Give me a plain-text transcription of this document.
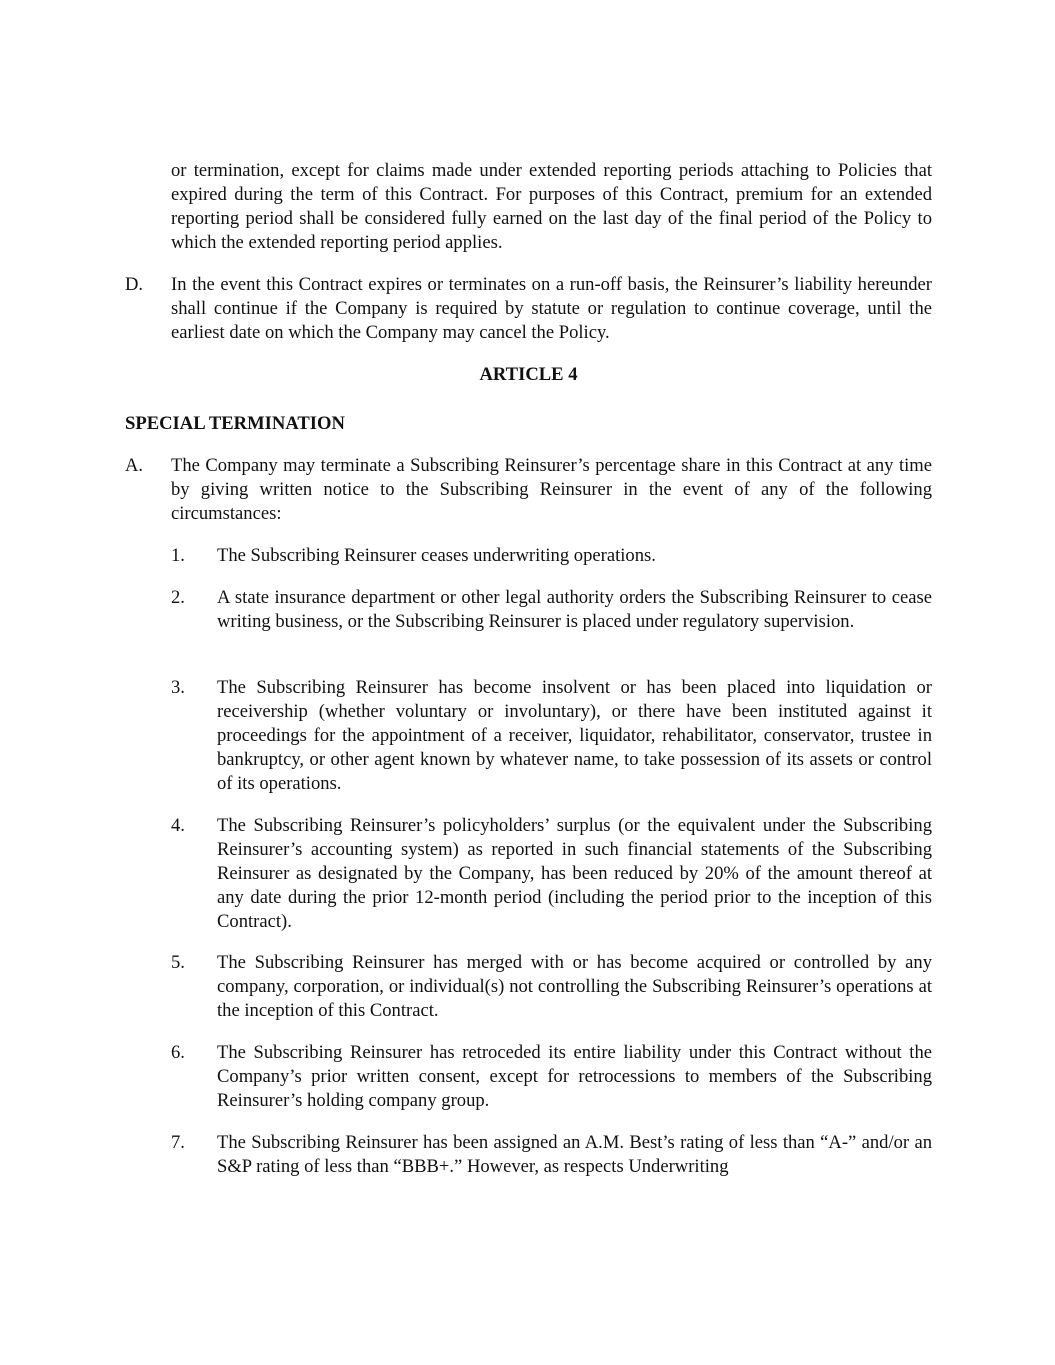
or termination, except for claims made under extended reporting periods attaching to Policies that expired during the term of this Contract. For purposes of this Contract, premium for an extended reporting period shall be considered fully earned on the last day of the final period of the Policy to which the extended reporting period applies.

D. In the event this Contract expires or terminates on a run-off basis, the Reinsurer’s liability hereunder shall continue if the Company is required by statute or regulation to continue coverage, until the earliest date on which the Company may cancel the Policy.

ARTICLE 4
SPECIAL TERMINATION
A. The Company may terminate a Subscribing Reinsurer’s percentage share in this Contract at any time by giving written notice to the Subscribing Reinsurer in the event of any of the following circumstances:

1. The Subscribing Reinsurer ceases underwriting operations.

2. A state insurance department or other legal authority orders the Subscribing Reinsurer to cease writing business, or the Subscribing Reinsurer is placed under regulatory supervision.

3. The Subscribing Reinsurer has become insolvent or has been placed into liquidation or receivership (whether voluntary or involuntary), or there have been instituted against it proceedings for the appointment of a receiver, liquidator, rehabilitator, conservator, trustee in bankruptcy, or other agent known by whatever name, to take possession of its assets or control of its operations.

4. The Subscribing Reinsurer’s policyholders’ surplus (or the equivalent under the Subscribing Reinsurer’s accounting system) as reported in such financial statements of the Subscribing Reinsurer as designated by the Company, has been reduced by 20% of the amount thereof at any date during the prior 12-month period (including the period prior to the inception of this Contract).

5. The Subscribing Reinsurer has merged with or has become acquired or controlled by any company, corporation, or individual(s) not controlling the Subscribing Reinsurer’s operations at the inception of this Contract.

6. The Subscribing Reinsurer has retroceded its entire liability under this Contract without the Company’s prior written consent, except for retrocessions to members of the Subscribing Reinsurer’s holding company group.

7. The Subscribing Reinsurer has been assigned an A.M. Best’s rating of less than “A-” and/or an S&P rating of less than “BBB+.” However, as respects Underwriting
